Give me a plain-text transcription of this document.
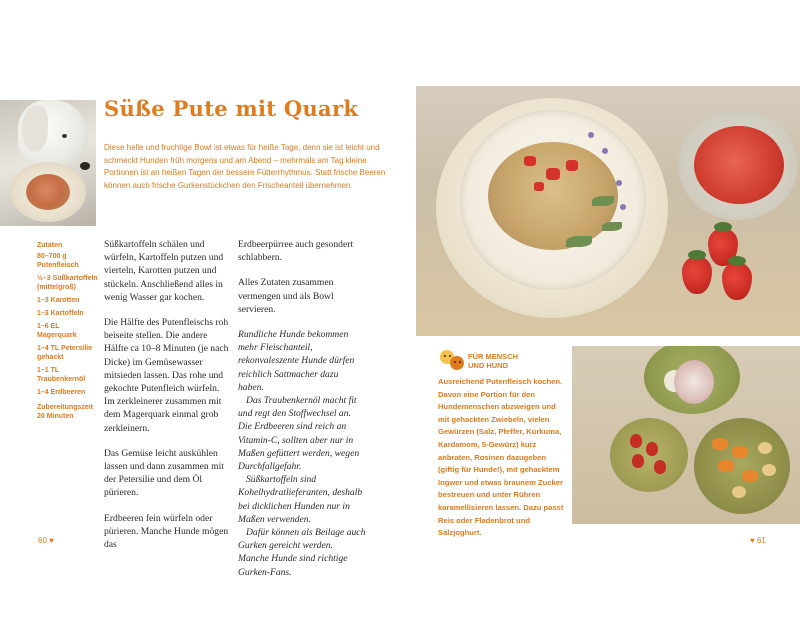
Süße Pute mit Quark

Diese helle und fruchtige Bowl ist etwas für heiße Tage, denn sie ist leicht und schmeckt Hunden früh morgens und am Abend – mehrmals am Tag kleine Portionen ist an heißen Tagen der bessere Fütterrhythmus. Statt frische Beeren können auch frische Gurkenstückchen den Frischeanteil übernehmen.

Zutaten

80–700 g Putenfleisch
½–3 Süßkartoffeln (mittelgroß)
1–3 Karotten
1–3 Kartoffeln
1–6 EL Magerquark
1–4 TL Petersilie gehackt
1–1 TL Traubenkernöl
1–4 Erdbeeren

Zubereitungszeit 20 Minuten

Süßkartoffeln schälen und würfeln, Kartoffeln putzen und vierteln, Karotten putzen und stückeln. Anschließend alles in wenig Wasser gar kochen.

Die Hälfte des Putenfleischs roh beiseite stellen. Die andere Hälfte ca 10–8 Minuten (je nach Dicke) im Gemüsewasser mitsieden lassen. Das rohe und gekochte Putenfleich würfeln. Im zerkleinerer zusammen mit dem Magerquark einmal grob zerkleinern.

Das Gemüse leicht auskühlen lassen und dann zusammen mit der Petersilie und dem Öl pürieren.

Erdbeeren fein würfeln oder pürieren. Manche Hunde mögen das

Erdbeerpürree auch gesondert schlabbern.

Alles Zutaten zusammen vermengen und als Bowl servieren.

Rundliche Hunde bekommen mehr Fleischanteil, rekonvaleszente Hunde dürfen reichlich Sattmacher dazu haben.

Das Traubenkernöl macht fit und regt den Stoffwechsel an. Die Erdbeeren sind reich an Vitamin-C, sollten aber nur in Maßen gefüttert werden, wegen Durchfallgefahr.

Süßkartoffeln sind Kohelhydratlieferanten, deshalb bei dicklichen Hunden nur in Maßen verwenden.

Dafür können als Beilage auch Gurken gereicht werden. Manche Hunde sind richtige Gurken-Fans.

60 ♥

FÜR MENSCH

UND HUND

Ausreichend Putenfleisch kochen. Davon eine Portion für den Hundemenschen abzweigen und mit gehackten Zwiebeln, vielen Gewürzen (Salz, Pfeffer, Kurkuma, Kardamom, 5-Gewürz) kurz anbraten, Rosinen dazugeben (giftig für Hunde!), mit gehacktem Ingwer und etwas braunem Zucker bestreuen und unter Rühren karamellisieren lassen. Dazu passt Reis oder Fladenbrot und Salzjoghurt.

♥ 61
